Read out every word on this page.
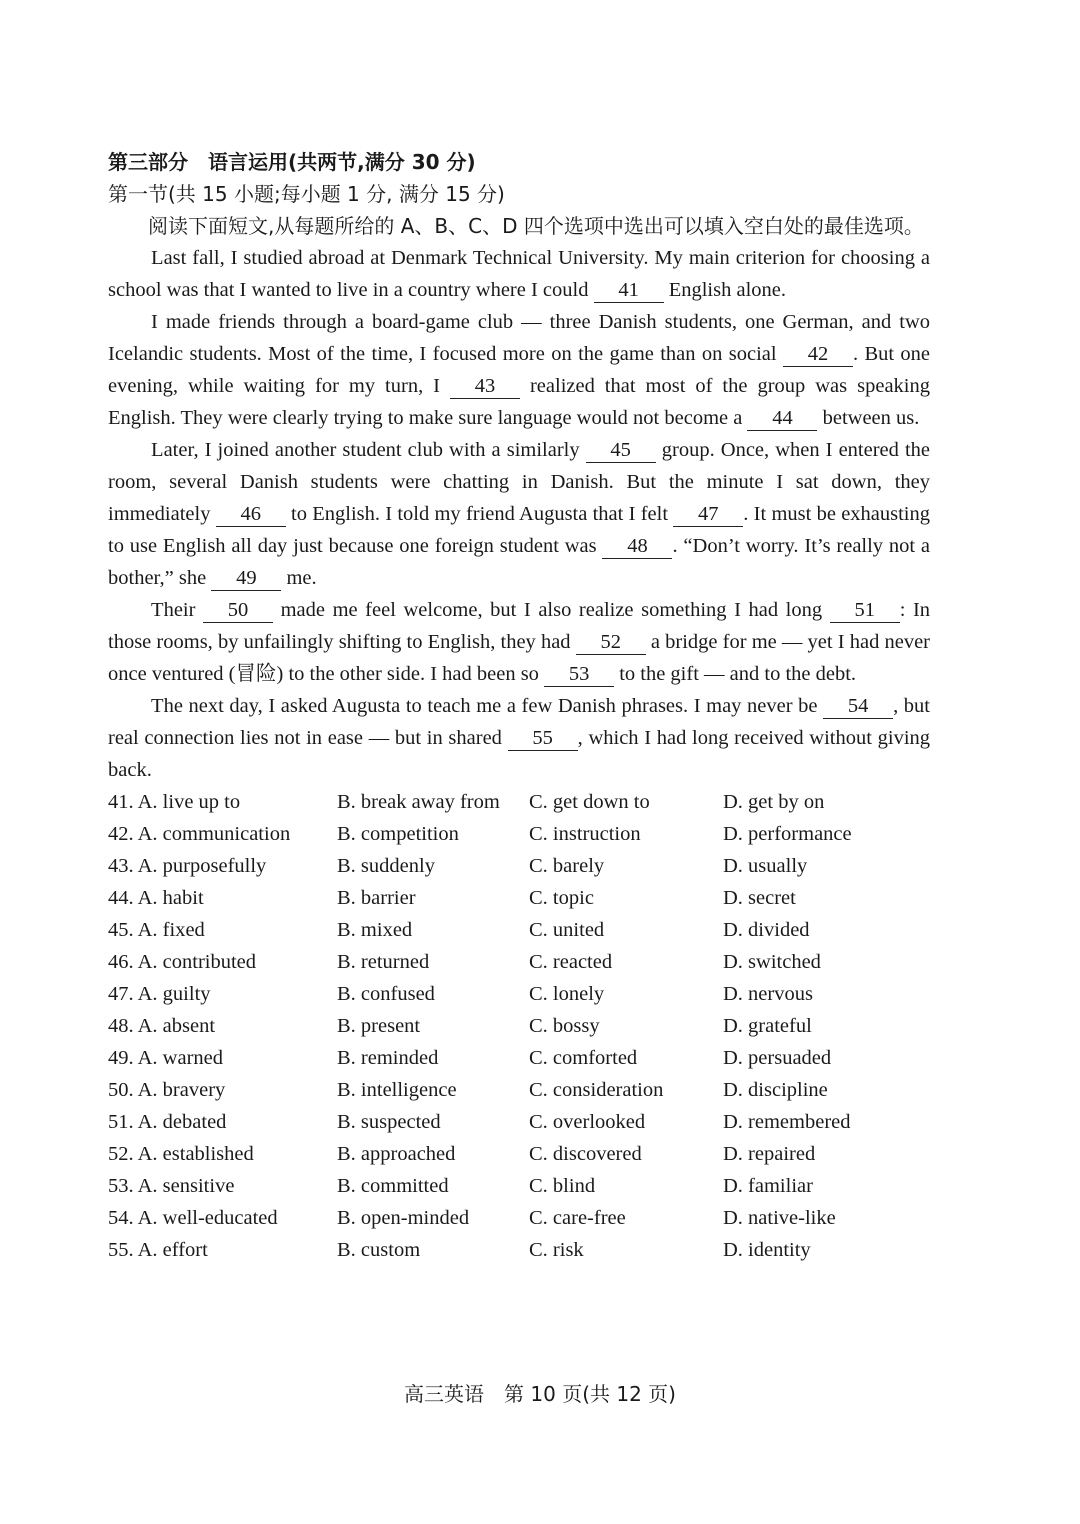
第三部分　语言运用(共两节,满分 30 分)
第一节(共 15 小题;每小题 1 分, 满分 15 分)
阅读下面短文,从每题所给的 A、B、C、D 四个选项中选出可以填入空白处的最佳选项。
Last fall, I studied abroad at Denmark Technical University. My main criterion for choosing a school was that I wanted to live in a country where I could 41 English alone.
I made friends through a board-game club — three Danish students, one German, and two Icelandic students. Most of the time, I focused more on the game than on social 42 . But one evening, while waiting for my turn, I 43 realized that most of the group was speaking English. They were clearly trying to make sure language would not become a 44 between us.
Later, I joined another student club with a similarly 45 group. Once, when I entered the room, several Danish students were chatting in Danish. But the minute I sat down, they immediately 46 to English. I told my friend Augusta that I felt 47 . It must be exhausting to use English all day just because one foreign student was 48 . “Don’t worry. It’s really not a bother,” she 49 me.
Their 50 made me feel welcome, but I also realize something I had long 51 : In those rooms, by unfailingly shifting to English, they had 52 a bridge for me — yet I had never once ventured (冒险) to the other side. I had been so 53 to the gift — and to the debt.
The next day, I asked Augusta to teach me a few Danish phrases. I may never be 54 , but real connection lies not in ease — but in shared 55 , which I had long received without giving back.
41. A. live up to	B. break away from	C. get down to	D. get by on
42. A. communication	B. competition	C. instruction	D. performance
43. A. purposefully	B. suddenly	C. barely	D. usually
44. A. habit	B. barrier	C. topic	D. secret
45. A. fixed	B. mixed	C. united	D. divided
46. A. contributed	B. returned	C. reacted	D. switched
47. A. guilty	B. confused	C. lonely	D. nervous
48. A. absent	B. present	C. bossy	D. grateful
49. A. warned	B. reminded	C. comforted	D. persuaded
50. A. bravery	B. intelligence	C. consideration	D. discipline
51. A. debated	B. suspected	C. overlooked	D. remembered
52. A. established	B. approached	C. discovered	D. repaired
53. A. sensitive	B. committed	C. blind	D. familiar
54. A. well-educated	B. open-minded	C. care-free	D. native-like
55. A. effort	B. custom	C. risk	D. identity
高三英语　第 10 页(共 12 页)
